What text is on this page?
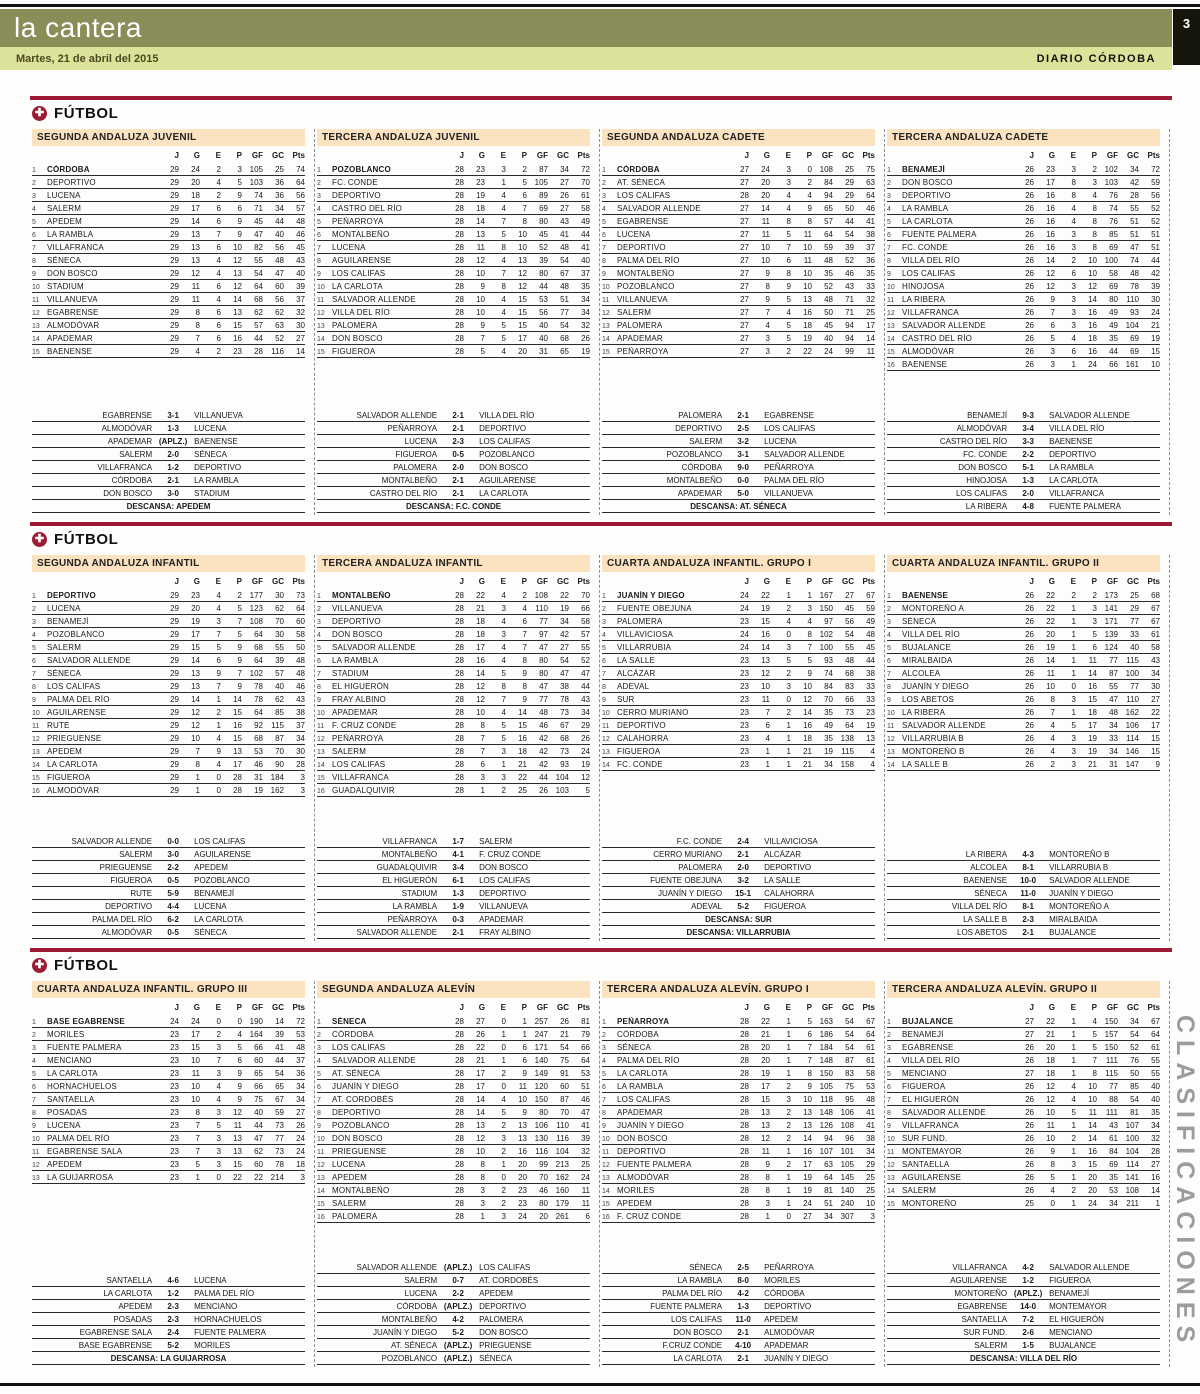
la cantera
Martes, 21 de abril del 2015	DIARIO CÓRDOBA
3
✚ FÚTBOL
SEGUNDA ANDALUZA JUVENIL
J	G	E	P	GF	GC	Pts
1	CÓRDOBA	29	24	2	3 105	25	74
2	DEPORTIVO	29	20	4	5 103	36	64
3	LUCENA	29	18	2	9	74	36	56
4	SALERM	29	17	6	6	71	34	57
5	APEDEM	29	14	6	9	45	44	48
6	LA RAMBLA	29	13	7	9	47	40	46
7	VILLAFRANCA	29	13	6	10	82	56	45
8	SÉNECA	29	13	4	12	55	48	43
9	DON BOSCO	29	12	4	13	54	47	40
10 STADIUM	29	11	6	12	64	60	39
11 VILLANUEVA	29	11	4	14	68	56	37
12 EGABRENSE	29	8	6	13	62	62	32
13 ALMODÓVAR	29	8	6	15	57	63	30
14 APADEMAR	29	7	6	16	44	52	27
15 BAENENSE	29	4	2	23	28	116	14
EGABRENSE	3-1	VILLANUEVA
ALMODÓVAR	1-3	LUCENA
APADEMAR (APLZ.) BAENENSE
SALERM	2-0	SÉNECA
VILLAFRANCA	1-2	DEPORTIVO
CÓRDOBA	2-1	LA RAMBLA
DON BOSCO	3-0	STADIUM
DESCANSA: APEDEM
TERCERA ANDALUZA JUVENIL
J	G	E	P	GF	GC	Pts
1	POZOBLANCO	28	23	3	2	87	34	72
2	FC. CONDE	28	23	1	5 105	27	70
3	DEPORTIVO	28	19	4	6	89	26	61
4	CASTRO DEL RÍO	28	18	4	7	69	27	58
5	PEÑARROYA	28	14	7	8	80	43	49
6	MONTALBEÑO	28	13	5	10	45	41	44
7	LUCENA	28	11	8	10	52	48	41
8	AGUILARENSE	28	12	4	13	39	54	40
9	LOS CALIFAS	28	10	7	12	80	67	37
10 LA CARLOTA	28	9	8	12	44	48	35
11 SALVADOR ALLENDE	28	10	4	15	53	51	34
12 VILLA DEL RÍO	28	10	4	15	56	77	34
13 PALOMERA	28	9	5	15	40	54	32
14 DON BOSCO	28	7	5	17	40	68	26
15 FIGUEROA	28	5	4	20	31	65	19
SALVADOR ALLENDE	2-1	VILLA DEL RÍO
PEÑARROYA	2-1	DEPORTIVO
LUCENA	2-3	LOS CALIFAS
FIGUEROA	0-5	POZOBLANCO
PALOMERA	2-0	DON BOSCO
MONTALBEÑO	2-1	AGUILARENSE
CASTRO DEL RÍO	2-1	LA CARLOTA
DESCANSA: F.C. CONDE
SEGUNDA ANDALUZA CADETE
J	G	E	P	GF	GC	Pts
1	CÓRDOBA	27	24	3	0 108	25	75
2	AT. SÉNECA	27	20	3	2	84	29	63
3	LOS CALIFAS	28	20	4	4	94	29	64
4	SALVADOR ALLENDE	27	14	4	9	65	50	46
5	EGABRENSE	27	11	8	8	57	44	41
6	LUCENA	27	11	5	11	64	54	38
7	DEPORTIVO	27	10	7	10	59	39	37
8	PALMA DEL RÍO	27	10	6	11	48	52	36
9	MONTALBEÑO	27	9	8	10	35	46	35
10 POZOBLANCO	27	8	9	10	52	43	33
11 VILLANUEVA	27	9	5	13	48	71	32
12 SALERM	27	7	4	16	50	71	25
13 PALOMERA	27	4	5	18	45	94	17
14 APADEMAR	27	3	5	19	40	94	14
15 PEÑARROYA	27	3	2	22	24	99	11
PALOMERA	2-1	EGABRENSE
DEPORTIVO	2-5	LOS CALIFAS
SALERM	3-2	LUCENA
POZOBLANCO	3-1	SALVADOR ALLENDE
CÓRDOBA	9-0	PEÑARROYA
MONTALBEÑO	0-0	PALMA DEL RÍO
APADEMAR	5-0	VILLANUEVA
DESCANSA: AT. SÉNECA
TERCERA ANDALUZA CADETE
J	G	E	P	GF	GC	Pts
1	BENAMEJÍ	26	23	3	2 102	34	72
2	DON BOSCO	26	17	8	3 103	42	59
3	DEPORTIVO	26	16	8	4	76	28	56
4	LA RAMBLA	26	16	4	8	74	55	52
5	LA CARLOTA	26	16	4	8	76	51	52
6	FUENTE PALMERA	26	16	3	8	85	51	51
7	FC. CONDE	26	16	3	8	69	47	51
8	VILLA DEL RÍO	26	14	2	10 100	74	44
9	LOS CALIFAS	26	12	6	10	58	48	42
10 HINOJOSA	26	12	3	12	69	78	39
11 LA RIBERA	26	9	3	14	80	110	30
12 VILLAFRANCA	26	7	3	16	49	93	24
13 SALVADOR ALLENDE	26	6	3	16	49 104	21
14 CASTRO DEL RÍO	26	5	4	18	35	69	19
15 ALMODÓVAR	26	3	6	16	44	69	15
16 BAENENSE	26	3	1	24	66 161	10
BENAMEJÍ	9-3	SALVADOR ALLENDE
ALMODÓVAR	3-4	VILLA DEL RÍO
CASTRO DEL RÍO	3-3	BAENENSE
FC. CONDE	2-2	DEPORTIVO
DON BOSCO	5-1	LA RAMBLA
HINOJOSA	1-3	LA CARLOTA
LOS CALIFAS	2-0	VILLAFRANCA
LA RIBERA	4-8	FUENTE PALMERA
✚ FÚTBOL
SEGUNDA ANDALUZA INFANTIL
J	G	E	P	GF	GC	Pts
1	DEPORTIVO	29	23	4	2 177	30	73
2	LUCENA	29	20	4	5 123	62	64
3	BENAMEJÍ	29	19	3	7 108	70	60
4	POZOBLANCO	29	17	7	5	64	30	58
5	SALERM	29	15	5	9	68	55	50
6	SALVADOR ALLENDE	29	14	6	9	64	39	48
7	SÉNECA	29	13	9	7 102	57	48
8	LOS CALIFAS	29	13	7	9	78	40	46
9	PALMA DEL RÍO	29	14	1	14	78	62	43
10 AGUILARENSE	29	12	2	15	64	85	38
11 RUTE	29	12	1	16	92	115	37
12 PRIEGUENSE	29	10	4	15	68	87	34
13 APEDEM	29	7	9	13	53	70	30
14 LA CARLOTA	29	8	4	17	46	90	28
15 FIGUEROA	29	1	0	28	31 184	3
16 ALMODÓVAR	29	1	0	28	19 162	3
SALVADOR ALLENDE	0-0	LOS CALIFAS
SALERM	3-0	AGUILARENSE
PRIEGUENSE	2-2	APEDEM
FIGUEROA	0-5	POZOBLANCO
RUTE	5-9	BENAMEJÍ
DEPORTIVO	4-4	LUCENA
PALMA DEL RÍO	6-2	LA CARLOTA
ALMODÓVAR	0-5	SÉNECA
TERCERA ANDALUZA INFANTIL
J	G	E	P	GF	GC	Pts
1	MONTALBEÑO	28	22	4	2 108	22	70
2	VILLANUEVA	28	21	3	4	110	19	66
3	DEPORTIVO	28	18	4	6	77	34	58
4	DON BOSCO	28	18	3	7	97	42	57
5	SALVADOR ALLENDE	28	17	4	7	47	27	55
6	LA RAMBLA	28	16	4	8	80	54	52
7	STADIUM	28	14	5	9	80	47	47
8	EL HIGUERÓN	28	12	8	8	47	38	44
9	FRAY ALBINO	28	12	7	9	77	78	43
10 APADEMAR	28	10	4	14	48	73	34
11 F. CRUZ CONDE	28	8	5	15	46	67	29
12 PEÑARROYA	28	7	5	16	42	68	26
13 SALERM	28	7	3	18	42	73	24
14 LOS CALIFAS	28	6	1	21	42	93	19
15 VILLAFRANCA	28	3	3	22	44 104	12
16 GUADALQUIVIR	28	1	2	25	26 103	5
VILLAFRANCA	1-7	SALERM
MONTALBEÑO	4-1	F. CRUZ CONDE
GUADALQUIVIR	3-4	DON BOSCO
EL HIGUERÓN	6-1	LOS CALIFAS
STADIUM	1-3	DEPORTIVO
LA RAMBLA	1-9	VILLANUEVA
PEÑARROYA	0-3	APADEMAR
SALVADOR ALLENDE	2-1	FRAY ALBINO
CUARTA ANDALUZA INFANTIL. GRUPO I
J	G	E	P	GF	GC	Pts
1	JUANÍN Y DIEGO	24	22	1	1 167	27	67
2	FUENTE OBEJUNA	24	19	2	3 150	45	59
3	PALOMERA	23	15	4	4	97	56	49
4	VILLAVICIOSA	24	16	0	8 102	54	48
5	VILLARRUBIA	24	14	3	7 100	55	45
6	LA SALLE	23	13	5	5	93	48	44
7	ALCÁZAR	23	12	2	9	74	68	38
8	ADEVAL	23	10	3	10	84	83	33
9	SUR	23	11	0	12	70	66	33
10 CERRO MURIANO	23	7	2	14	35	73	23
11 DEPORTIVO	23	6	1	16	49	64	19
12 CALAHORRA	23	4	1	18	35 138	13
13 FIGUEROA	23	1	1	21	19	115	4
14 FC. CONDE	23	1	1	21	34 158	4
F.C. CONDE	2-4	VILLAVICIOSA
CERRO MURIANO	2-1	ALCÁZAR
PALOMERA	2-0	DEPORTIVO
FUENTE OBEJUNA	3-2	LA SALLE
JUANÍN Y DIEGO	15-1	CALAHORRA
ADEVAL	5-2	FIGUEROA
DESCANSA: SUR
DESCANSA: VILLARRUBIA
CUARTA ANDALUZA INFANTIL. GRUPO II
J	G	E	P	GF	GC	Pts
1	BAENENSE	26	22	2	2 173	25	68
2	MONTOREÑO A	26	22	1	3 141	29	67
3	SÉNECA	26	22	1	3 171	77	67
4	VILLA DEL RÍO	26	20	1	5 139	33	61
5	BUJALANCE	26	19	1	6 124	40	58
6	MIRALBAIDA	26	14	1	11	77	115	43
7	ALCOLEA	26	11	1	14	87 100	34
8	JUANÍN Y DIEGO	26	10	0	16	55	77	30
9	LOS ABETOS	26	8	3	15	47	110	27
10 LA RIBERA	26	7	1	18	48 162	22
11 SALVADOR ALLENDE	26	4	5	17	34 106	17
12 VILLARRUBIA B	26	4	3	19	33	114	15
13 MONTOREÑO B	26	4	3	19	34 146	15
14 LA SALLE B	26	2	3	21	31 147	9
LA RIBERA	4-3	MONTOREÑO B
ALCOLEA	8-1	VILLARRUBIA B
BAENENSE	10-0	SALVADOR ALLENDE
SÉNECA	11-0	JUANÍN Y DIEGO
VILLA DEL RÍO	8-1	MONTOREÑO A
LA SALLE B	2-3	MIRALBAIDA
LOS ABETOS	2-1	BUJALANCE
✚ FÚTBOL
CUARTA ANDALUZA INFANTIL. GRUPO III
J	G	E	P	GF	GC	Pts
1	BASE EGABRENSE	24	24	0	0 190	14	72
2	MORILES	23	17	2	4 164	39	53
3	FUENTE PALMERA	23	15	3	5	66	41	48
4	MENCIANO	23	10	7	6	60	44	37
5	LA CARLOTA	23	11	3	9	65	54	36
6	HORNACHUELOS	23	10	4	9	66	65	34
7	SANTAELLA	23	10	4	9	75	67	34
8	POSADAS	23	8	3	12	40	59	27
9	LUCENA	23	7	5	11	44	73	26
10 PALMA DEL RÍO	23	7	3	13	47	77	24
11 EGABRENSE SALA	23	7	3	13	62	73	24
12 APEDEM	23	5	3	15	60	78	18
13 LA GUIJARROSA	23	1	0	22	22 214	3
SANTAELLA	4-6	LUCENA
LA CARLOTA	1-2	PALMA DEL RÍO
APEDEM	2-3	MENCIANO
POSADAS	2-3	HORNACHUELOS
EGABRENSE SALA	2-4	FUENTE PALMERA
BASE EGABRENSE	5-2	MORILES
DESCANSA: LA GUIJARROSA
SEGUNDA ANDALUZA ALEVÍN
J	G	E	P	GF	GC	Pts
1	SÉNECA	28	27	0	1 257	26	81
2	CÓRDOBA	28	26	1	1 247	21	79
3	LOS CALIFAS	28	22	0	6 171	54	66
4	SALVADOR ALLENDE	28	21	1	6 140	75	64
5	AT. SÉNECA	28	17	2	9 149	91	53
6	JUANÍN Y DIEGO	28	17	0	11 120	60	51
7	AT. CORDOBÉS	28	14	4	10 150	87	46
8	DEPORTIVO	28	14	5	9	80	70	47
9	POZOBLANCO	28	13	2	13 106	110	41
10 DON BOSCO	28	12	3	13 130	116	39
11 PRIEGUENSE	28	10	2	16	116 104	32
12 LUCENA	28	8	1	20	99 213	25
13 APEDEM	28	8	0	20	70 162	24
14 MONTALBEÑO	28	3	2	23	46 160	11
15 SALERM	28	3	2	23	80 179	11
16 PALOMERA	28	1	3	24	20 261	6
SALVADOR ALLENDE (APLZ.) LOS CALIFAS
SALERM	0-7	AT. CORDOBÉS
LUCENA	2-2	APEDEM
CÓRDOBA (APLZ.) DEPORTIVO
MONTALBEÑO	4-2	PALOMERA
JUANÍN Y DIEGO	5-2	DON BOSCO
AT. SÉNECA (APLZ.) PRIEGUENSE
POZOBLANCO (APLZ.) SÉNECA
TERCERA ANDALUZA ALEVÍN. GRUPO I
J	G	E	P	GF	GC	Pts
1	PEÑARROYA	28	22	1	5 163	54	67
2	CÓRDOBA	28	21	1	6 186	54	64
3	SÉNECA	28	20	1	7 184	54	61
4	PALMA DEL RÍO	28	20	1	7 148	87	61
5	LA CARLOTA	28	19	1	8 150	83	58
6	LA RAMBLA	28	17	2	9 105	75	53
7	LOS CALIFAS	28	15	3	10	118	95	48
8	APADEMAR	28	13	2	13 148 106	41
9	JUANÍN Y DIEGO	28	13	2	13 126 108	41
10 DON BOSCO	28	12	2	14	94	96	38
11 DEPORTIVO	28	11	1	16 107 101	34
12 FUENTE PALMERA	28	9	2	17	63 105	29
13 ALMODÓVAR	28	8	1	19	64 145	25
14 MORILES	28	8	1	19	81 140	25
15 APEDEM	28	3	1	24	51 240	10
16 F. CRUZ CONDE	28	1	0	27	34 307	3
SÉNECA	2-5	PEÑARROYA
LA RAMBLA	8-0	MORILES
PALMA DEL RÍO	4-2	CÓRDOBA
FUENTE PALMERA	1-3	DEPORTIVO
LOS CALIFAS	11-0	APEDEM
DON BOSCO	2-1	ALMODÓVAR
F.CRUZ CONDE	4-10	APADEMAR
LA CARLOTA	2-1	JUANÍN Y DIEGO
TERCERA ANDALUZA ALEVÍN. GRUPO II
J	G	E	P	GF	GC	Pts
1	BUJALANCE	27	22	1	4 150	34	67
2	BENAMEJÍ	27	21	1	5 157	54	64
3	EGABRENSE	26	20	1	5 150	52	61
4	VILLA DEL RÍO	26	18	1	7	111	76	55
5	MENCIANO	27	18	1	8	115	50	55
6	FIGUEROA	26	12	4	10	77	85	40
7	EL HIGUERÓN	26	12	4	10	88	54	40
8	SALVADOR ALLENDE	26	10	5	11	111	81	35
9	VILLAFRANCA	26	11	1	14	43 107	34
10 SUR FUND.	26	10	2	14	61 100	32
11 MONTEMAYOR	26	9	1	16	84 104	28
12 SANTAELLA	26	8	3	15	69	114	27
13 AGUILARENSE	26	5	1	20	35 141	16
14 SALERM	26	4	2	20	53 108	14
15 MONTOREÑO	25	0	1	24	34	211	1
VILLAFRANCA	4-2	SALVADOR ALLENDE
AGUILARENSE	1-2	FIGUEROA
MONTOREÑO (APLZ.) BENAMEJÍ
EGABRENSE	14-0	MONTEMAYOR
SANTAELLA	7-2	EL HIGUERÓN
SUR FUND.	2-6	MENCIANO
SALERM	1-5	BUJALANCE
DESCANSA: VILLA DEL RÍO
CLASIFICACIONES
